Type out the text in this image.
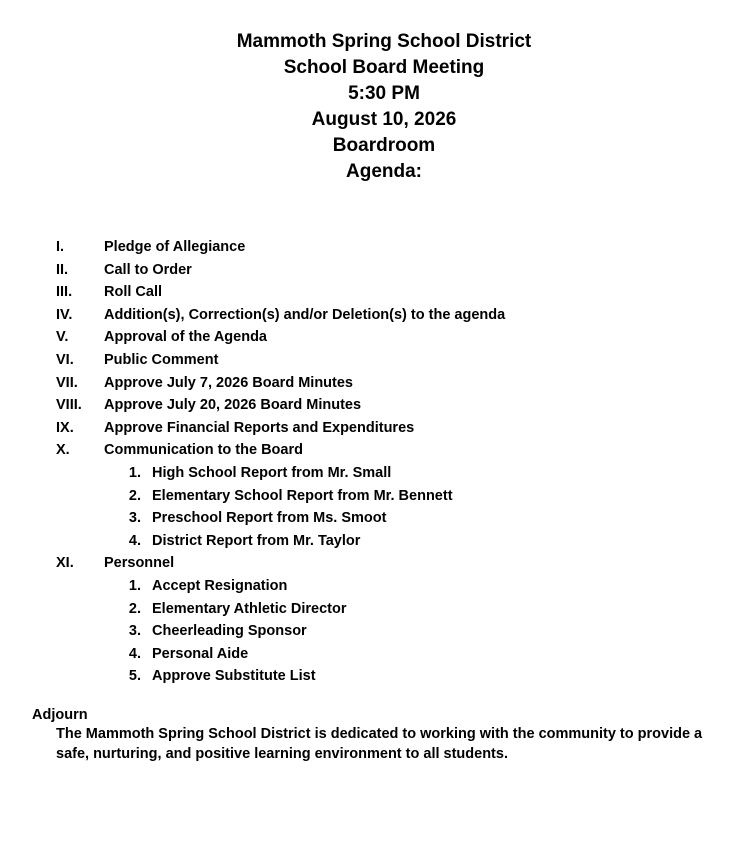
Mammoth Spring School District
School Board Meeting
5:30 PM
August 10, 2026
Boardroom
Agenda:
I.	Pledge of Allegiance
II. Call to Order
III. Roll Call
IV. Addition(s), Correction(s) and/or Deletion(s) to the agenda
V. Approval of the Agenda
VI. Public Comment
VII. Approve July 7, 2026 Board Minutes
VIII. Approve July 20, 2026 Board Minutes
IX. Approve Financial Reports and Expenditures
X. Communication to the Board
1. High School Report from Mr. Small
2. Elementary School Report from Mr. Bennett
3. Preschool Report from Ms. Smoot
4. District Report from Mr. Taylor
XI. Personnel
1. Accept Resignation
2. Elementary Athletic Director
3. Cheerleading Sponsor
4. Personal Aide
5. Approve Substitute List
Adjourn
The Mammoth Spring School District is dedicated to working with the community to provide a safe, nurturing, and positive learning environment to all students.
